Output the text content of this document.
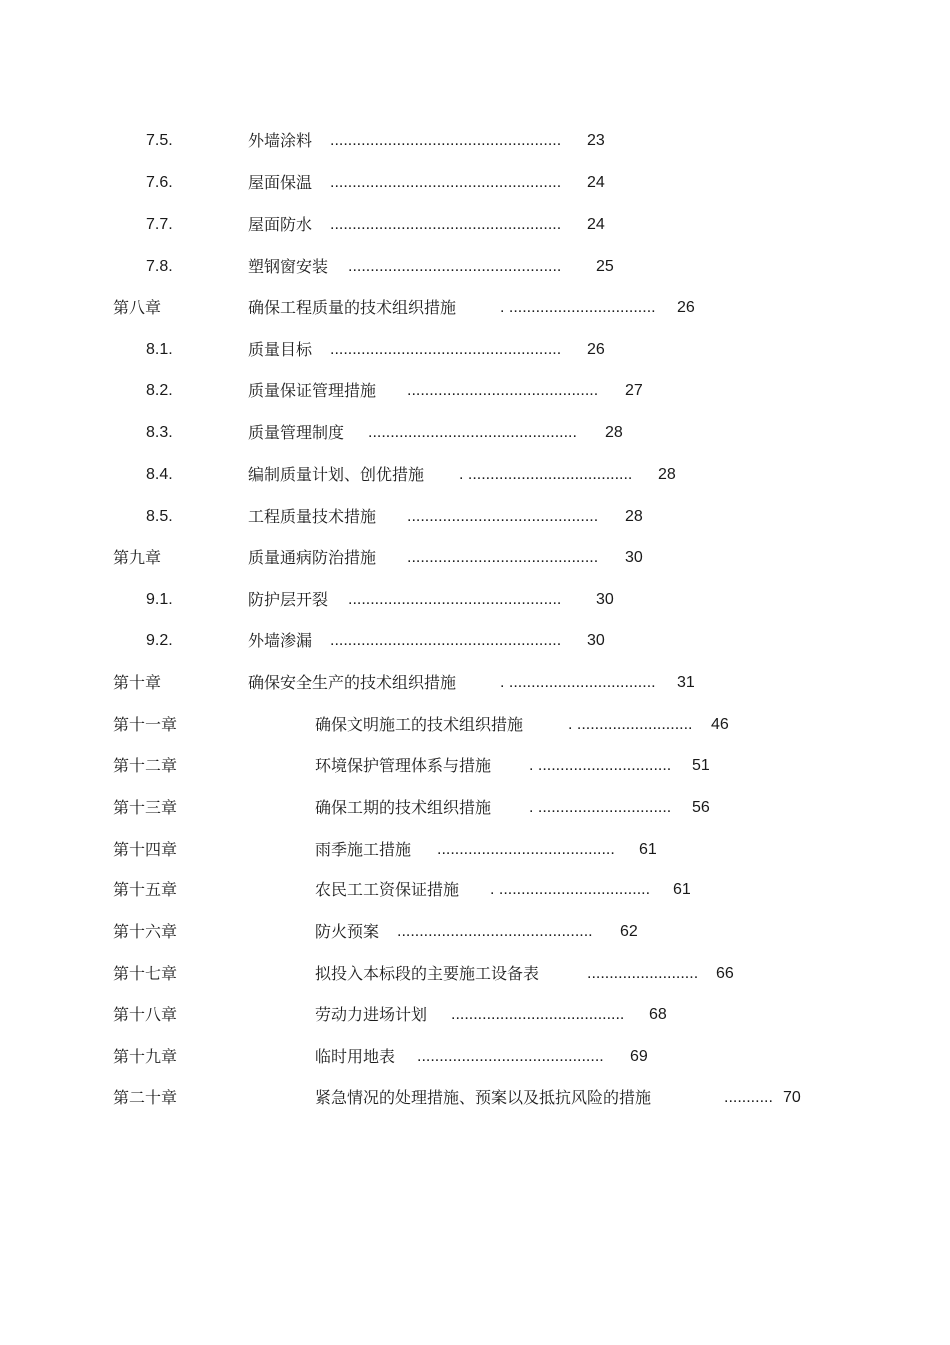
7.5.	外墙涂料 .................................................... 23
7.6.	屋面保温 .................................................... 24
7.7.	屋面防水 .................................................... 24
7.8.	塑钢窗安装 ................................................ 25
第八章	确保工程质量的技术组织措施	. ................................. 26
8.1.	质量目标 .................................................... 26
8.2.	质量保证管理措施 ........................................... 27
8.3.	质量管理制度 ............................................... 28
8.4.	编制质量计划、创优措施 . ..................................... 28
8.5.	工程质量技术措施 ........................................... 28
第九章	质量通病防治措施 ........................................... 30
9.1.	防护层开裂 ................................................ 30
9.2.	外墙渗漏 .................................................... 30
第十章	确保安全生产的技术组织措施	. ................................. 31
第十一章	确保文明施工的技术组织措施	. .......................... 46
第十二章	环境保护管理体系与措施 . .............................. 51
第十三章	确保工期的技术组织措施 . .............................. 56
第十四章	雨季施工措施 ........................................ 61
第十五章	农民工工资保证措施 . .................................. 61
第十六章	防火预案 ............................................ 62
第十七章	拟投入本标段的主要施工设备表	......................... 66
第十八章	劳动力进场计划 ....................................... 68
第十九章	临时用地表 .......................................... 69
第二十章	紧急情况的处理措施、预案以及抵抗风险的措施	........... 70
